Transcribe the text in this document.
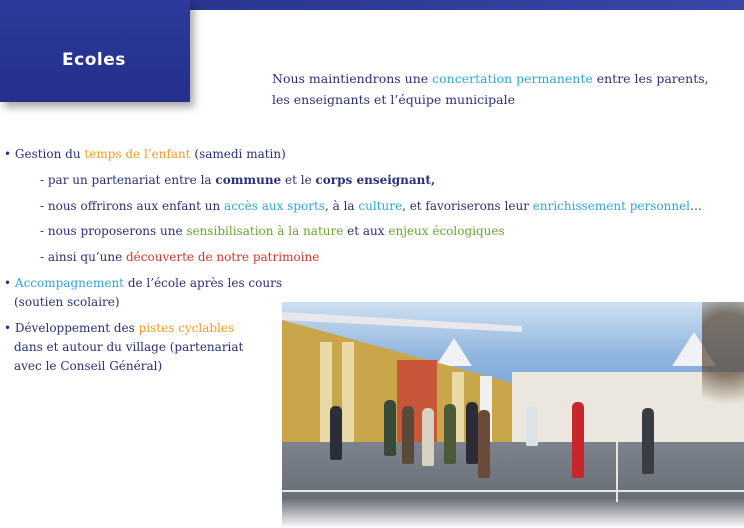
Ecoles
Nous maintiendrons une concertation permanente entre les parents,
les enseignants et l’équipe municipale
• Gestion du temps de l’enfant (samedi matin)
- par un partenariat entre la commune et le corps enseignant,
- nous offrirons aux enfant un accès aux sports, à la culture, et favoriserons leur enrichissement personnel…
- nous proposerons une sensibilisation à la nature et aux enjeux écologiques
- ainsi qu’une découverte de notre patrimoine
• Accompagnement de l’école après les cours
(soutien scolaire)
• Développement des pistes cyclables
dans et autour du village (partenariat
avec le Conseil Général)
